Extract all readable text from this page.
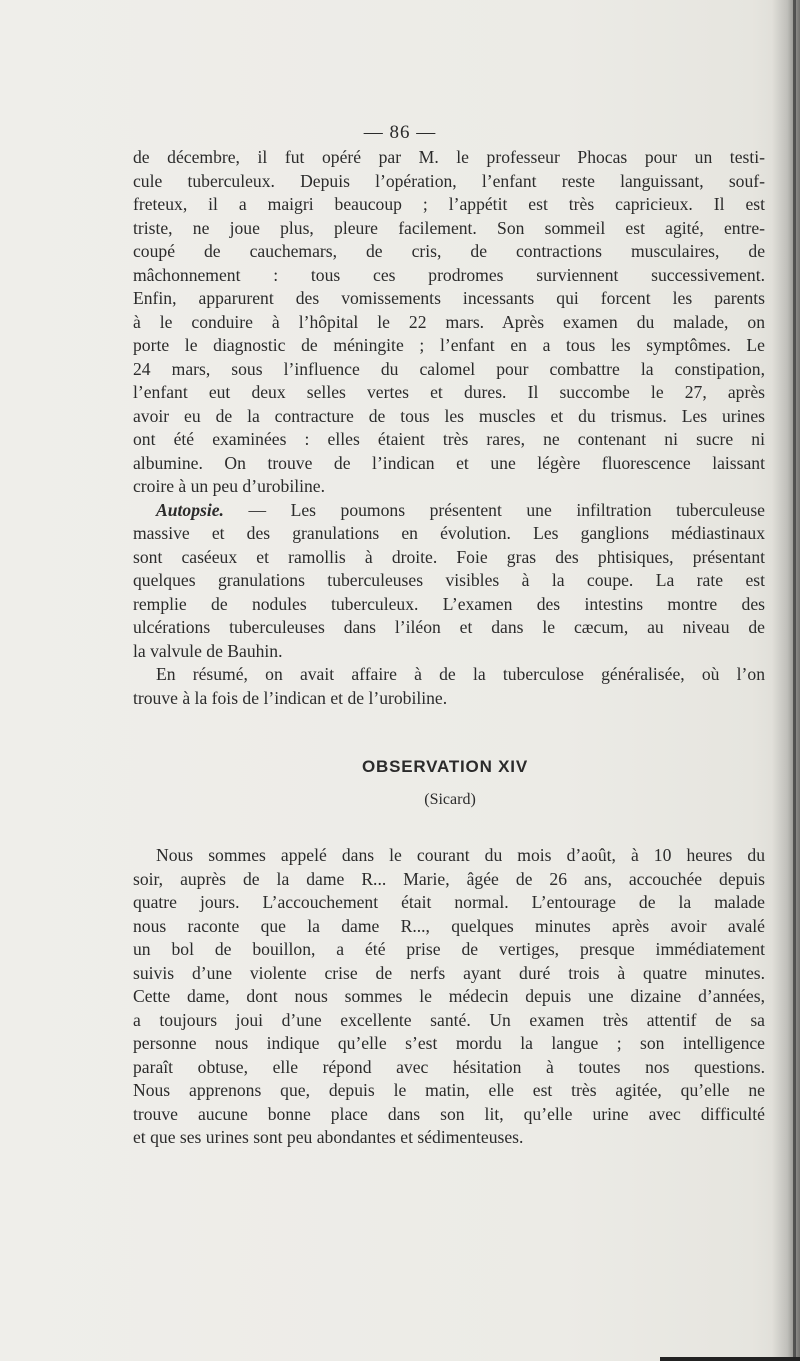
— 86 —
de décembre, il fut opéré par M. le professeur Phocas pour un testi-
cule tuberculeux. Depuis l’opération, l’enfant reste languissant, souf-
freteux, il a maigri beaucoup ; l’appétit est très capricieux. Il est
triste, ne joue plus, pleure facilement. Son sommeil est agité, entre-
coupé de cauchemars, de cris, de contractions musculaires, de
mâchonnement : tous ces prodromes surviennent successivement.
Enfin, apparurent des vomissements incessants qui forcent les parents
à le conduire à l’hôpital le 22 mars. Après examen du malade, on
porte le diagnostic de méningite ; l’enfant en a tous les symptômes. Le
24 mars, sous l’influence du calomel pour combattre la constipation,
l’enfant eut deux selles vertes et dures. Il succombe le 27, après
avoir eu de la contracture de tous les muscles et du trismus. Les urines
ont été examinées : elles étaient très rares, ne contenant ni sucre ni
albumine. On trouve de l’indican et une légère fluorescence laissant
croire à un peu d’urobiline.
Autopsie. — Les poumons présentent une infiltration tuberculeuse
massive et des granulations en évolution. Les ganglions médiastinaux
sont caséeux et ramollis à droite. Foie gras des phtisiques, présentant
quelques granulations tuberculeuses visibles à la coupe. La rate est
remplie de nodules tuberculeux. L’examen des intestins montre des
ulcérations tuberculeuses dans l’iléon et dans le cæcum, au niveau de
la valvule de Bauhin.
En résumé, on avait affaire à de la tuberculose généralisée, où l’on
trouve à la fois de l’indican et de l’urobiline.
OBSERVATION XIV
(Sicard)
Nous sommes appelé dans le courant du mois d’août, à 10 heures du
soir, auprès de la dame R... Marie, âgée de 26 ans, accouchée depuis
quatre jours. L’accouchement était normal. L’entourage de la malade
nous raconte que la dame R..., quelques minutes après avoir avalé
un bol de bouillon, a été prise de vertiges, presque immédiatement
suivis d’une violente crise de nerfs ayant duré trois à quatre minutes.
Cette dame, dont nous sommes le médecin depuis une dizaine d’années,
a toujours joui d’une excellente santé. Un examen très attentif de sa
personne nous indique qu’elle s’est mordu la langue ; son intelligence
paraît obtuse, elle répond avec hésitation à toutes nos questions.
Nous apprenons que, depuis le matin, elle est très agitée, qu’elle ne
trouve aucune bonne place dans son lit, qu’elle urine avec difficulté
et que ses urines sont peu abondantes et sédimenteuses.
